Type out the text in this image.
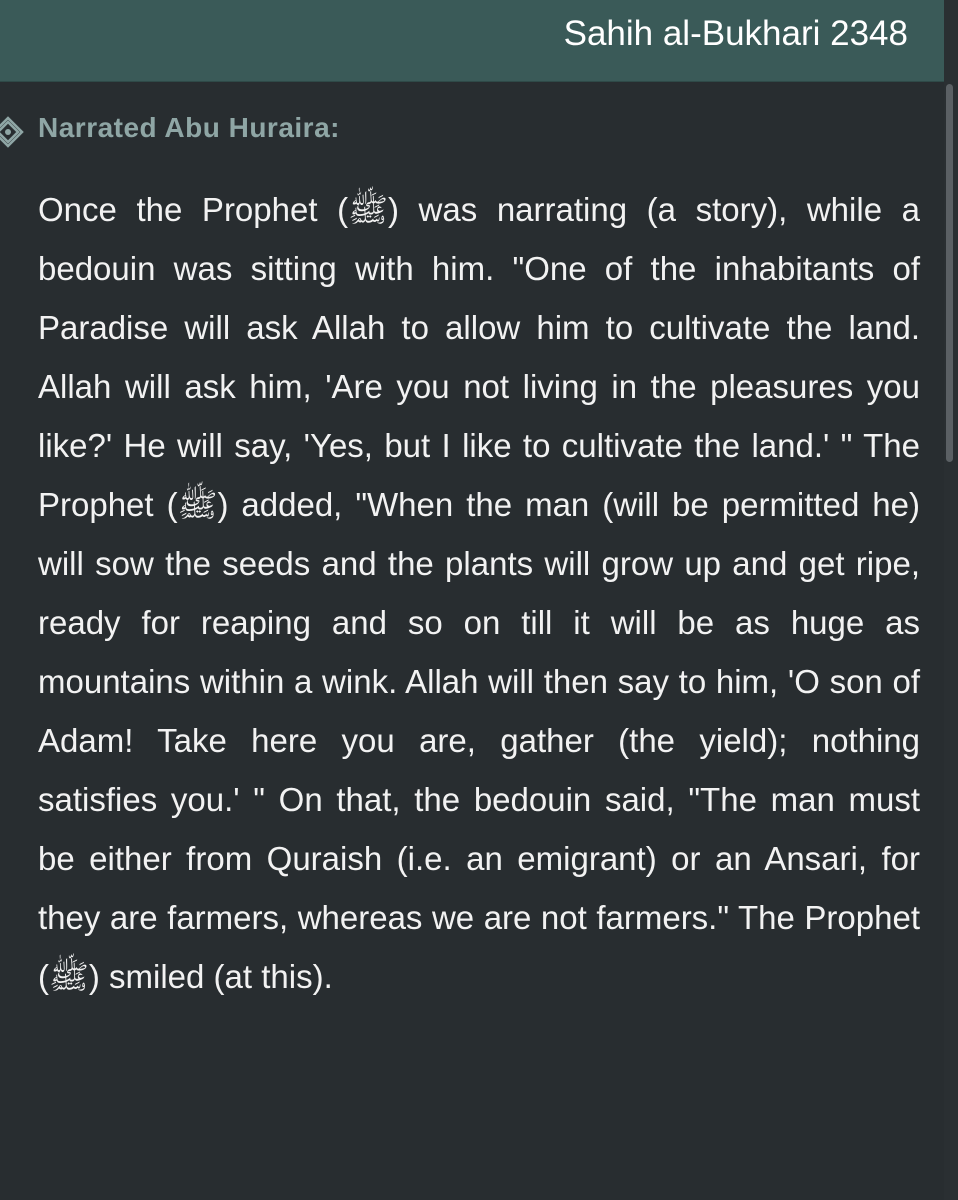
Sahih al-Bukhari 2348
Narrated Abu Huraira:

Once the Prophet (ﷺ) was narrating (a story), while a bedouin was sitting with him. "One of the inhabitants of Paradise will ask Allah to allow him to cultivate the land. Allah will ask him, 'Are you not living in the pleasures you like?' He will say, 'Yes, but I like to cultivate the land.' " The Prophet (ﷺ) added, "When the man (will be permitted he) will sow the seeds and the plants will grow up and get ripe, ready for reaping and so on till it will be as huge as mountains within a wink. Allah will then say to him, 'O son of Adam! Take here you are, gather (the yield); nothing satisfies you.' " On that, the bedouin said, "The man must be either from Quraish (i.e. an emigrant) or an Ansari, for they are farmers, whereas we are not farmers." The Prophet (ﷺ) smiled (at this).
